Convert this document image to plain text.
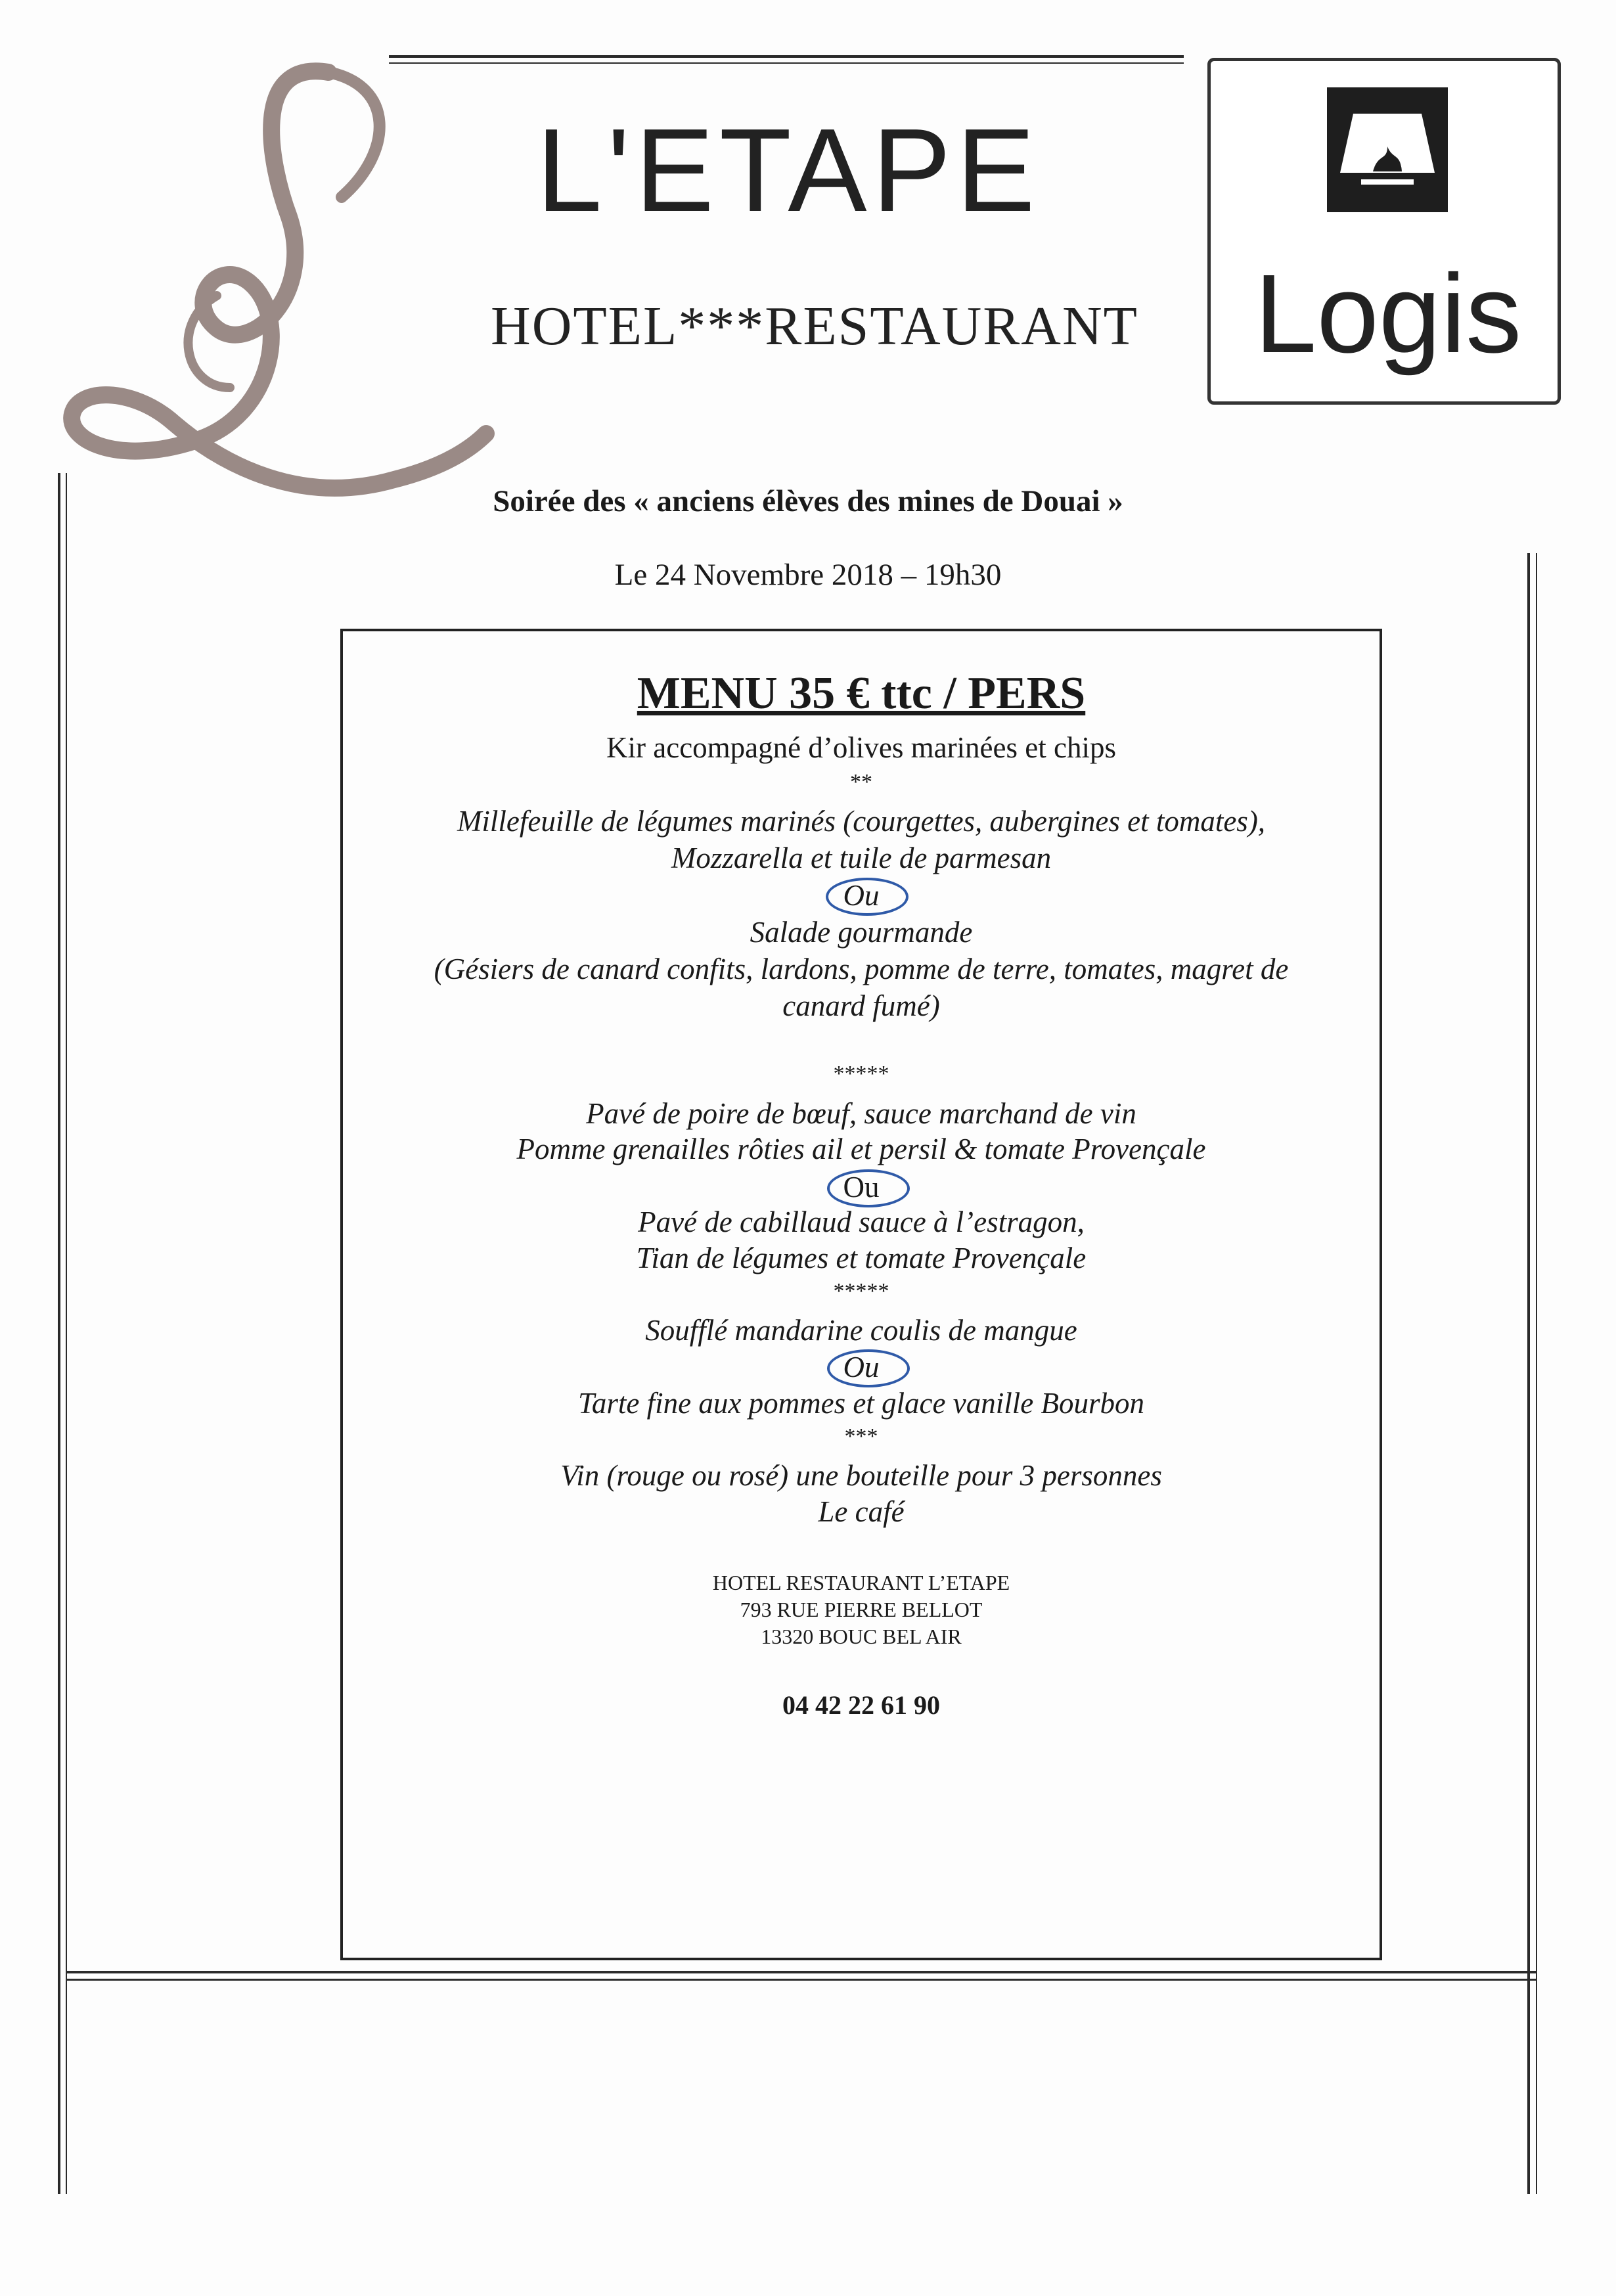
L'ETAPE
HOTEL***RESTAURANT Logis
Soirée des « anciens élèves des mines de Douai »
Le 24 Novembre 2018 – 19h30
MENU 35 € ttc / PERS
Kir accompagné d’olives marinées et chips
**
Millefeuille de légumes marinés (courgettes, aubergines et tomates),
Mozzarella et tuile de parmesan
Ou
Salade gourmande
(Gésiers de canard confits, lardons, pomme de terre, tomates, magret de
canard fumé)
*****
Pavé de poire de bœuf, sauce marchand de vin
Pomme grenailles rôties ail et persil & tomate Provençale
Ou
Pavé de cabillaud sauce à l’estragon,
Tian de légumes et tomate Provençale
*****
Soufflé mandarine coulis de mangue
Ou
Tarte fine aux pommes et glace vanille Bourbon
***
Vin (rouge ou rosé) une bouteille pour 3 personnes
Le café
HOTEL RESTAURANT L’ETAPE
793 RUE PIERRE BELLOT
13320 BOUC BEL AIR
04 42 22 61 90
